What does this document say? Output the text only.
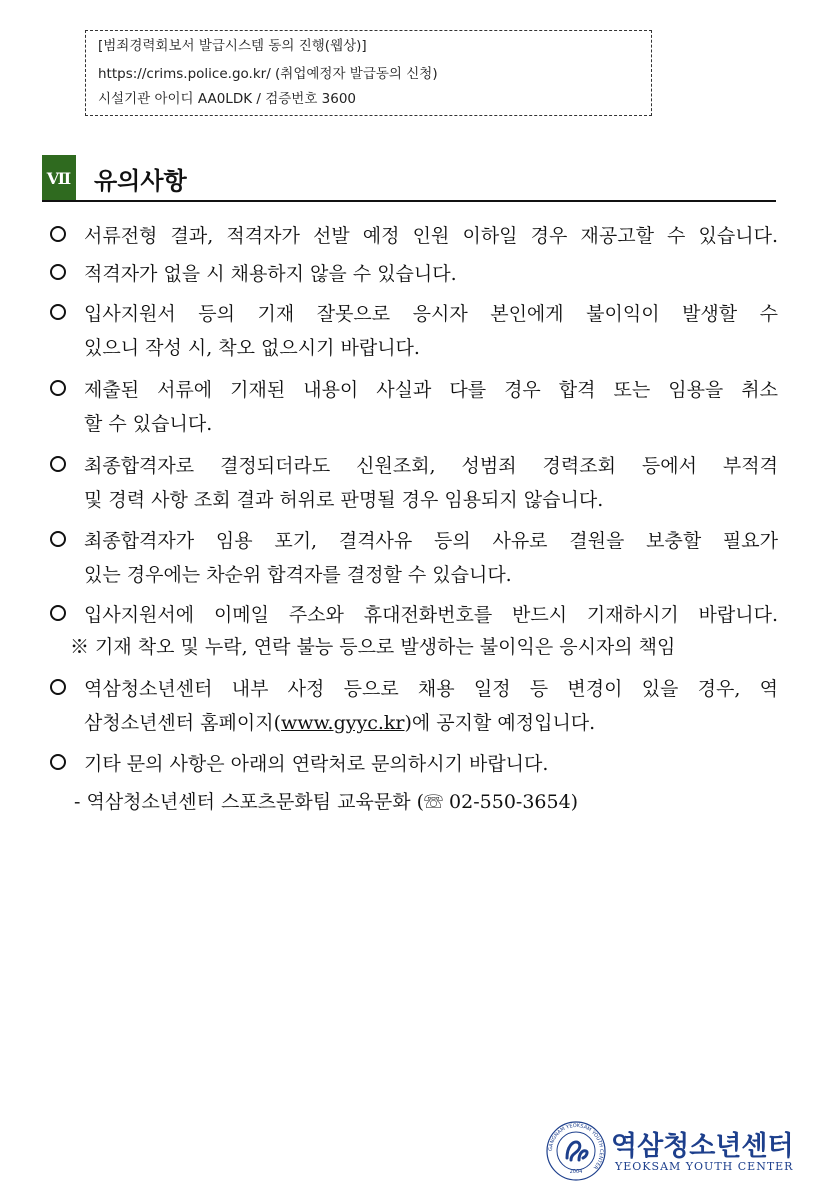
[범죄경력회보서 발급시스템 동의 진행(웹상)]
https://crims.police.go.kr/ (취업예정자 발급동의 신청)
시설기관 아이디 AA0LDK / 검증번호 3600
Ⅶ 유의사항
서류전형 결과, 적격자가 선발 예정 인원 이하일 경우 재공고할 수 있습니다.
적격자가 없을 시 채용하지 않을 수 있습니다.
입사지원서 등의 기재 잘못으로 응시자 본인에게 불이익이 발생할 수
있으니 작성 시, 착오 없으시기 바랍니다.
제출된 서류에 기재된 내용이 사실과 다를 경우 합격 또는 임용을 취소
할 수 있습니다.
최종합격자로 결정되더라도 신원조회, 성범죄 경력조회 등에서 부적격
및 경력 사항 조회 결과 허위로 판명될 경우 임용되지 않습니다.
최종합격자가 임용 포기, 결격사유 등의 사유로 결원을 보충할 필요가
있는 경우에는 차순위 합격자를 결정할 수 있습니다.
입사지원서에 이메일 주소와 휴대전화번호를 반드시 기재하시기 바랍니다.
※ 기재 착오 및 누락, 연락 불능 등으로 발생하는 불이익은 응시자의 책임
역삼청소년센터 내부 사정 등으로 채용 일정 등 변경이 있을 경우, 역
삼청소년센터 홈페이지(www.gyyc.kr)에 공지할 예정입니다.
기타 문의 사항은 아래의 연락처로 문의하시기 바랍니다.
- 역삼청소년센터 스포츠문화팀 교육문화 (☏ 02-550-3654)
GANGNAM YEOKSAM YOUTH CENTER
2004
역삼청소년센터
YEOKSAM YOUTH CENTER
